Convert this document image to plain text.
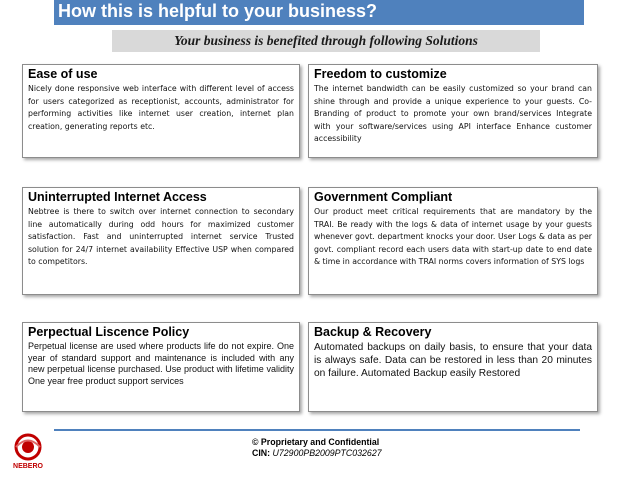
How this is helpful to your business?
Your business is benefited through following Solutions
Ease of use

Nicely done responsive web interface with different level of access for users categorized as receptionist, accounts, administrator for performing activities like internet user creation, internet plan creation, generating reports etc.

Freedom to customize

The internet bandwidth can be easily customized so your brand can shine through and provide a unique experience to your guests. Co-Branding of product to promote your own brand/services Integrate with your software/services using API interface Enhance customer accessibility

Uninterrupted Internet Access

Nebtree is there to switch over internet connection to secondary line automatically during odd hours for maximized customer satisfaction. Fast and uninterrupted internet service Trusted solution for 24/7 internet availability Effective USP when compared to competitors.

Government Compliant

Our product meet critical requirements that are mandatory by the TRAI. Be ready with the logs & data of internet usage by your guests whenever govt. department knocks your door. User Logs & data as per govt. compliant record each users data with start-up date to end date & time in accordance with TRAI norms covers information of SYS logs

Perpectual Liscence Policy

Perpetual license are used where products life do not expire. One year of standard support and maintenance is included with any new perpetual license purchased. Use product with lifetime validity One year free product support services

Backup & Recovery

Automated backups on daily basis, to ensure that your data is always safe. Data can be restored in less than 20 minutes on failure. Automated Backup easily Restored

NEBERO
© Proprietary and Confidential
CIN: U72900PB2009PTC032627
